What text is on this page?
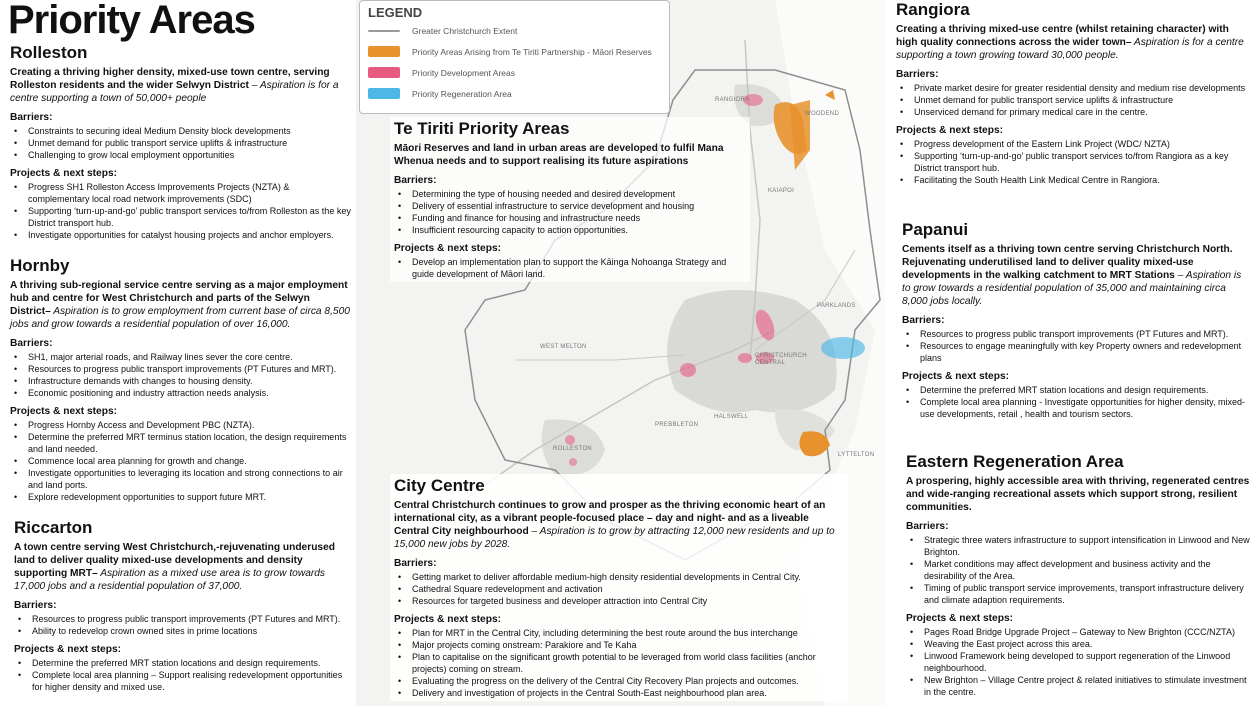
RANGIORA
WOODEND
KAIAPOI
PARKLANDS
WEST MELTON
CHRISTCHURCH CENTRAL
HALSWELL
PREBBLETON
ROLLESTON
LYTTELTON
LEGEND
Greater Christchurch Extent
Priority Areas Arising from Te Tiriti Partnership - Māori Reserves
Priority Development Areas
Priority Regeneration Area
Priority Areas
Rolleston

Creating a thriving higher density, mixed-use town centre, serving Rolleston residents and the wider Selwyn District – Aspiration is for a centre supporting a town of 50,000+ people

Barriers:

• Constraints to securing ideal Medium Density block developments
• Unmet demand for public transport service uplifts & infrastructure
• Challenging to grow local employment opportunities

Projects & next steps:

• Progress SH1 Rolleston Access Improvements Projects (NZTA) & complementary local road network improvements (SDC)
• Supporting ‘turn-up-and-go’ public transport services to/from Rolleston as the key District transport hub.
• Investigate opportunities for catalyst housing projects and anchor employers.
Hornby

A thriving sub-regional service centre serving as a major employment hub and centre for West Christchurch and parts of the Selwyn District– Aspiration is to grow employment from current base of circa 8,500 jobs and grow towards a residential population of over 16,000.

Barriers:

• SH1, major arterial roads, and Railway lines sever the core centre.
• Resources to progress public transport improvements (PT Futures and MRT).
• Infrastructure demands with changes to housing density.
• Economic positioning and industry attraction needs analysis.

Projects & next steps:

• Progress Hornby Access and Development PBC (NZTA).
• Determine the preferred MRT terminus station location, the design requirements and land needed.
• Commence local area planning for growth and change.
• Investigate opportunities to leveraging its location and strong connections to air and land ports.
• Explore redevelopment opportunities to support future MRT.
Riccarton

A town centre serving West Christchurch,-rejuvenating underused land to deliver quality mixed-use developments and density supporting MRT– Aspiration as a mixed use area is to grow towards 17,000 jobs and a residential population of 37,000.

Barriers:

• Resources to progress public transport improvements (PT Futures and MRT).
• Ability to redevelop crown owned sites in prime locations

Projects & next steps:

• Determine the preferred MRT station locations and design requirements.
• Complete local area planning – Support realising redevelopment opportunities for higher density and mixed use.
Te Tiriti Priority Areas

Māori Reserves and land in urban areas are developed to fulfil Mana Whenua needs and to support realising its future aspirations

Barriers:

• Determining the type of housing needed and desired development
• Delivery of essential infrastructure to service development and housing
• Funding and finance for housing and infrastructure needs
• Insufficient resourcing capacity to action opportunities.

Projects & next steps:

• Develop an implementation plan to support the Kāinga Nohoanga Strategy and guide development of Māori land.
City Centre

Central Christchurch continues to grow and prosper as the thriving economic heart of an international city, as a vibrant people-focused place – day and night- and as a liveable Central City neighbourhood – Aspiration is to grow by attracting 12,000 new residents and up to 15,000 new jobs by 2028.

Barriers:

• Getting market to deliver affordable medium-high density residential developments in Central City.
• Cathedral Square redevelopment and activation
• Resources for targeted business and developer attraction into Central City

Projects & next steps:

• Plan for MRT in the Central City, including determining the best route around the bus interchange
• Major projects coming onstream: Parakiore and Te Kaha
• Plan to capitalise on the significant growth potential to be leveraged from world class facilities (anchor projects) coming on stream.
• Evaluating the progress on the delivery of the Central City Recovery Plan projects and outcomes.
• Delivery and investigation of projects in the Central South-East neighbourhood plan area.
Rangiora

Creating a thriving mixed-use centre (whilst retaining character) with high quality connections across the wider town– Aspiration is for a centre supporting a town growing toward 30,000 people.

Barriers:

• Private market desire for greater residential density and medium rise developments
• Unmet demand for public transport service uplifts & infrastructure
• Unserviced demand for primary medical care in the centre.

Projects & next steps:

• Progress development of the Eastern Link Project (WDC/ NZTA)
• Supporting ‘turn-up-and-go’ public transport services to/from Rangiora as a key District transport hub.
• Facilitating the South Health Link Medical Centre in Rangiora.
Papanui

Cements itself as a thriving town centre serving Christchurch North. Rejuvenating underutilised land to deliver quality mixed-use developments in the walking catchment to MRT Stations – Aspiration is to grow towards a residential population of 35,000 and maintaining circa 8,000 jobs locally.

Barriers:

• Resources to progress public transport improvements (PT Futures and MRT).
• Resources to engage meaningfully with key Property owners and redevelopment plans

Projects & next steps:

• Determine the preferred MRT station locations and design requirements.
• Complete local area planning - Investigate opportunities for higher density, mixed-use developments, retail , health and tourism sectors.
Eastern Regeneration Area

A prospering, highly accessible area with thriving, regenerated centres and wide-ranging recreational assets which support strong, resilient communities.

Barriers:

• Strategic three waters infrastructure to support intensification in Linwood and New Brighton.
• Market conditions may affect development and business activity and the desirability of the Area.
• Timing of public transport service improvements, transport infrastructure delivery and climate adaption requirements.

Projects & next steps:

• Pages Road Bridge Upgrade Project – Gateway to New Brighton (CCC/NZTA)
• Weaving the East project across this area.
• Linwood Framework being developed to support regeneration of the Linwood neighbourhood.
• New Brighton – Village Centre project & related initiatives to stimulate investment in the centre.
